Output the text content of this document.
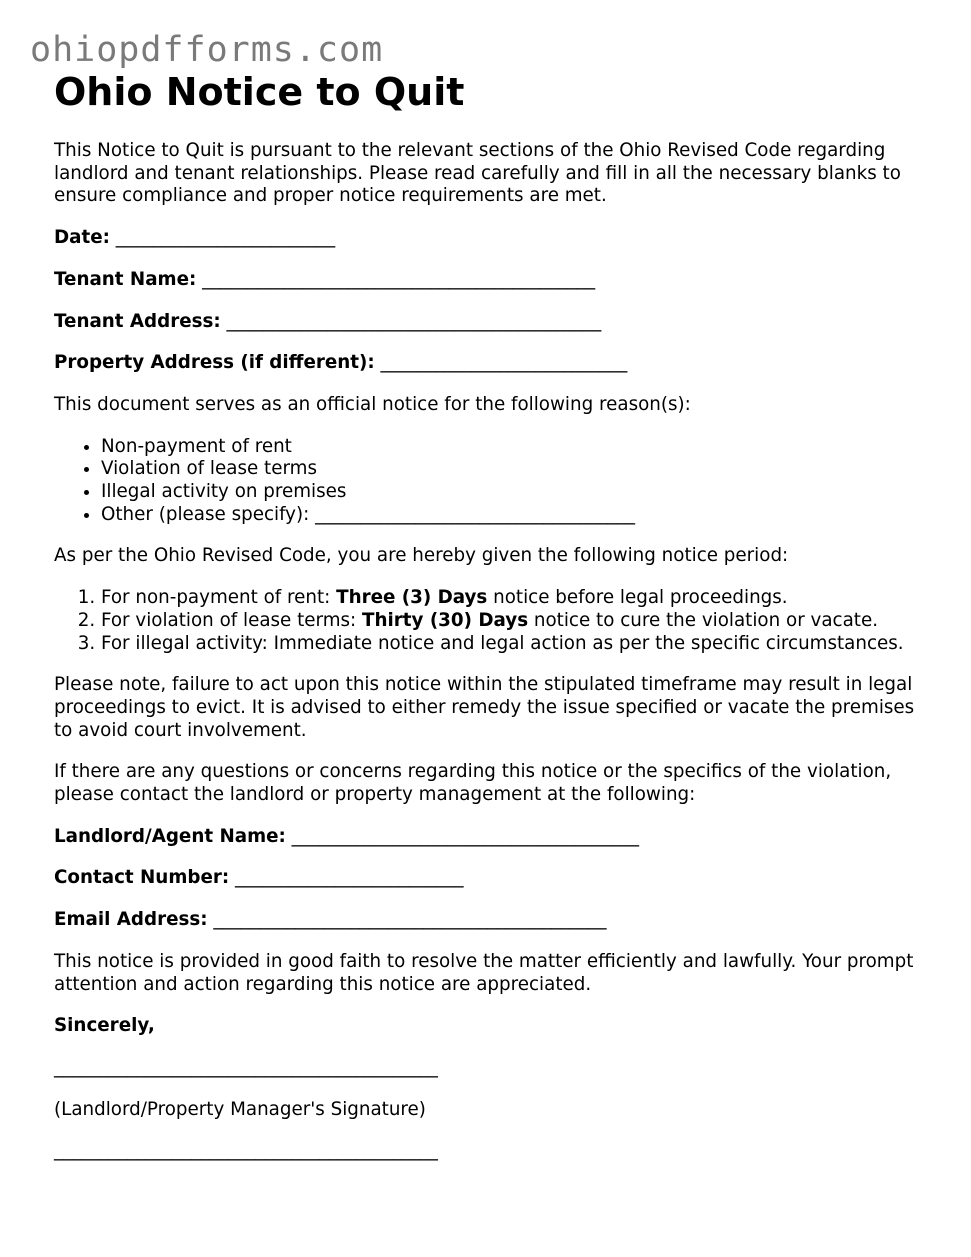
ohiopdfforms.com
Ohio Notice to Quit

This Notice to Quit is pursuant to the relevant sections of the Ohio Revised Code regarding landlord and tenant relationships. Please read carefully and fill in all the necessary blanks to ensure compliance and proper notice requirements are met.

Date: ________________________

Tenant Name: ___________________________________________

Tenant Address: _________________________________________

Property Address (if different): ___________________________

This document serves as an official notice for the following reason(s):

• Non-payment of rent
• Violation of lease terms
• Illegal activity on premises
• Other (please specify): ___________________________________

As per the Ohio Revised Code, you are hereby given the following notice period:

1. For non-payment of rent: Three (3) Days notice before legal proceedings.
2. For violation of lease terms: Thirty (30) Days notice to cure the violation or vacate.
3. For illegal activity: Immediate notice and legal action as per the specific circumstances.

Please note, failure to act upon this notice within the stipulated timeframe may result in legal proceedings to evict. It is advised to either remedy the issue specified or vacate the premises to avoid court involvement.

If there are any questions or concerns regarding this notice or the specifics of the violation, please contact the landlord or property management at the following:

Landlord/Agent Name: ______________________________________

Contact Number: _________________________

Email Address: ___________________________________________

This notice is provided in good faith to resolve the matter efficiently and lawfully. Your prompt attention and action regarding this notice are appreciated.

Sincerely,

__________________________________________

(Landlord/Property Manager's Signature)

__________________________________________
